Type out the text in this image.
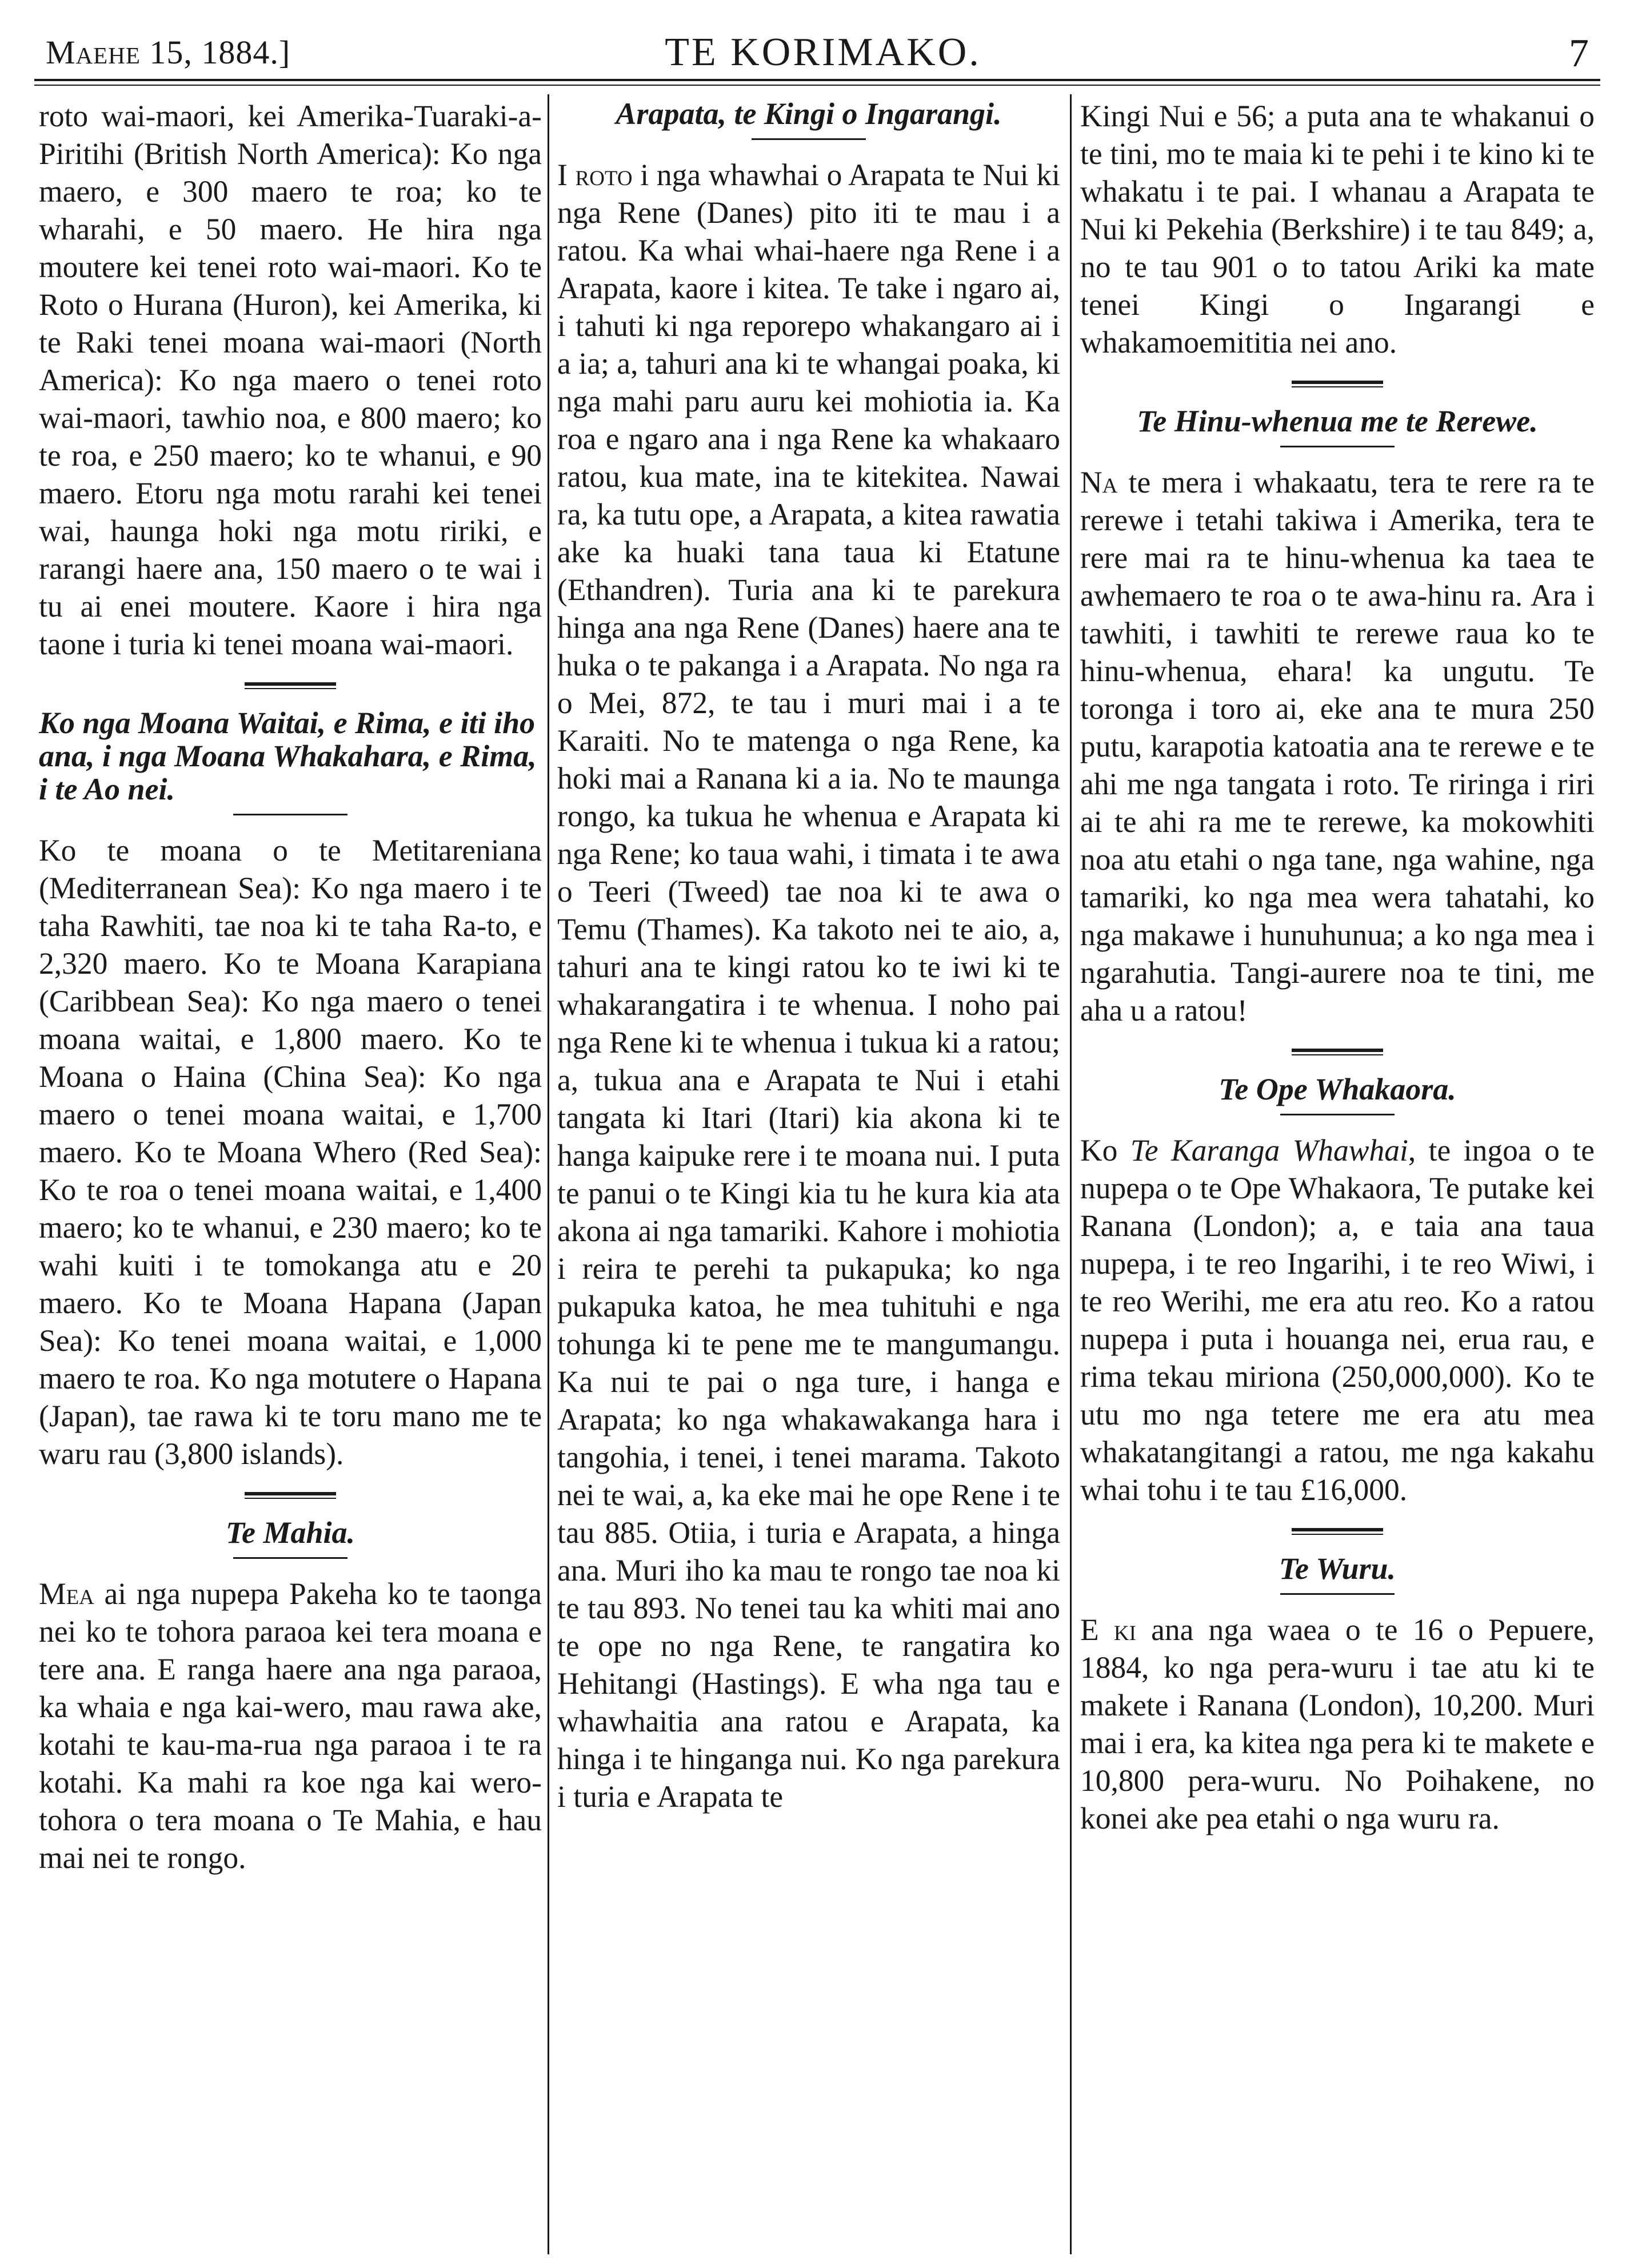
Maehe 15, 1884.]	TE KORIMAKO.	7

roto wai-maori, kei Amerika-Tuaraki-a-Piritihi (British North America): Ko nga maero, e 300 maero te roa; ko te wharahi, e 50 maero. He hira nga moutere kei tenei roto wai-maori. Ko te Roto o Hurana (Huron), kei Amerika, ki te Raki tenei moana wai-maori (North America): Ko nga maero o tenei roto wai-maori, tawhio noa, e 800 maero; ko te roa, e 250 maero; ko te whanui, e 90 maero. Etoru nga motu rarahi kei tenei wai, haunga hoki nga motu ririki, e rarangi haere ana, 150 maero o te wai i tu ai enei moutere. Kaore i hira nga taone i turia ki tenei moana wai-maori.

Ko nga Moana Waitai, e Rima, e iti iho ana, i nga Moana Whakahara, e Rima, i te Ao nei.

Ko te moana o te Metitareniana (Mediterranean Sea): Ko nga maero i te taha Rawhiti, tae noa ki te taha Ra-to, e 2,320 maero. Ko te Moana Karapiana (Caribbean Sea): Ko nga maero o tenei moana waitai, e 1,800 maero. Ko te Moana o Haina (China Sea): Ko nga maero o tenei moana waitai, e 1,700 maero. Ko te Moana Whero (Red Sea): Ko te roa o tenei moana waitai, e 1,400 maero; ko te whanui, e 230 maero; ko te wahi kuiti i te tomokanga atu e 20 maero. Ko te Moana Hapana (Japan Sea): Ko tenei moana waitai, e 1,000 maero te roa. Ko nga motutere o Hapana (Japan), tae rawa ki te toru mano me te waru rau (3,800 islands).

Te Mahia.

Mea ai nga nupepa Pakeha ko te taonga nei ko te tohora paraoa kei tera moana e tere ana. E ranga haere ana nga paraoa, ka whaia e nga kai-wero, mau rawa ake, kotahi te kau-ma-rua nga paraoa i te ra kotahi. Ka mahi ra koe nga kai wero-tohora o tera moana o Te Mahia, e hau mai nei te rongo.

Arapata, te Kingi o Ingarangi.

I roto i nga whawhai o Arapata te Nui ki nga Rene (Danes) pito iti te mau i a ratou. Ka whai whai-haere nga Rene i a Arapata, kaore i kitea. Te take i ngaro ai, i tahuti ki nga reporepo whakangaro ai i a ia; a, tahuri ana ki te whangai poaka, ki nga mahi paru auru kei mohiotia ia. Ka roa e ngaro ana i nga Rene ka whakaaro ratou, kua mate, ina te kitekitea. Nawai ra, ka tutu ope, a Arapata, a kitea rawatia ake ka huaki tana taua ki Etatune (Ethandren). Turia ana ki te parekura hinga ana nga Rene (Danes) haere ana te huka o te pakanga i a Arapata. No nga ra o Mei, 872, te tau i muri mai i a te Karaiti. No te matenga o nga Rene, ka hoki mai a Ranana ki a ia. No te maunga rongo, ka tukua he whenua e Arapata ki nga Rene; ko taua wahi, i timata i te awa o Teeri (Tweed) tae noa ki te awa o Temu (Thames). Ka takoto nei te aio, a, tahuri ana te kingi ratou ko te iwi ki te whakarangatira i te whenua. I noho pai nga Rene ki te whenua i tukua ki a ratou; a, tukua ana e Arapata te Nui i etahi tangata ki Itari (Itari) kia akona ki te hanga kaipuke rere i te moana nui. I puta te panui o te Kingi kia tu he kura kia ata akona ai nga tamariki. Kahore i mohiotia i reira te perehi ta pukapuka; ko nga pukapuka katoa, he mea tuhituhi e nga tohunga ki te pene me te mangumangu. Ka nui te pai o nga ture, i hanga e Arapata; ko nga whakawakanga hara i tangohia, i tenei, i tenei marama. Takoto nei te wai, a, ka eke mai he ope Rene i te tau 885. Otiia, i turia e Arapata, a hinga ana. Muri iho ka mau te rongo tae noa ki te tau 893. No tenei tau ka whiti mai ano te ope no nga Rene, te rangatira ko Hehitangi (Hastings). E wha nga tau e whawhaitia ana ratou e Arapata, ka hinga i te hinganga nui. Ko nga parekura i turia e Arapata te

Kingi Nui e 56; a puta ana te whakanui o te tini, mo te maia ki te pehi i te kino ki te whakatu i te pai. I whanau a Arapata te Nui ki Pekehia (Berkshire) i te tau 849; a, no te tau 901 o to tatou Ariki ka mate tenei Kingi o Ingarangi e whakamoemititia nei ano.

Te Hinu-whenua me te Rerewe.

Na te mera i whakaatu, tera te rere ra te rerewe i tetahi takiwa i Amerika, tera te rere mai ra te hinu-whenua ka taea te awhemaero te roa o te awa-hinu ra. Ara i tawhiti, i tawhiti te rerewe raua ko te hinu-whenua, ehara! ka ungutu. Te toronga i toro ai, eke ana te mura 250 putu, karapotia katoatia ana te rerewe e te ahi me nga tangata i roto. Te riringa i riri ai te ahi ra me te rerewe, ka mokowhiti noa atu etahi o nga tane, nga wahine, nga tamariki, ko nga mea wera tahatahi, ko nga makawe i hunuhunua; a ko nga mea i ngarahutia. Tangi-aurere noa te tini, me aha u a ratou!

Te Ope Whakaora.

Ko Te Karanga Whawhai, te ingoa o te nupepa o te Ope Whakaora, Te putake kei Ranana (London); a, e taia ana taua nupepa, i te reo Ingarihi, i te reo Wiwi, i te reo Werihi, me era atu reo. Ko a ratou nupepa i puta i houanga nei, erua rau, e rima tekau miriona (250,000,000). Ko te utu mo nga tetere me era atu mea whakatangitangi a ratou, me nga kakahu whai tohu i te tau £16,000.

Te Wuru.

E ki ana nga waea o te 16 o Pepuere, 1884, ko nga pera-wuru i tae atu ki te makete i Ranana (London), 10,200. Muri mai i era, ka kitea nga pera ki te makete e 10,800 pera-wuru. No Poihakene, no konei ake pea etahi o nga wuru ra.
